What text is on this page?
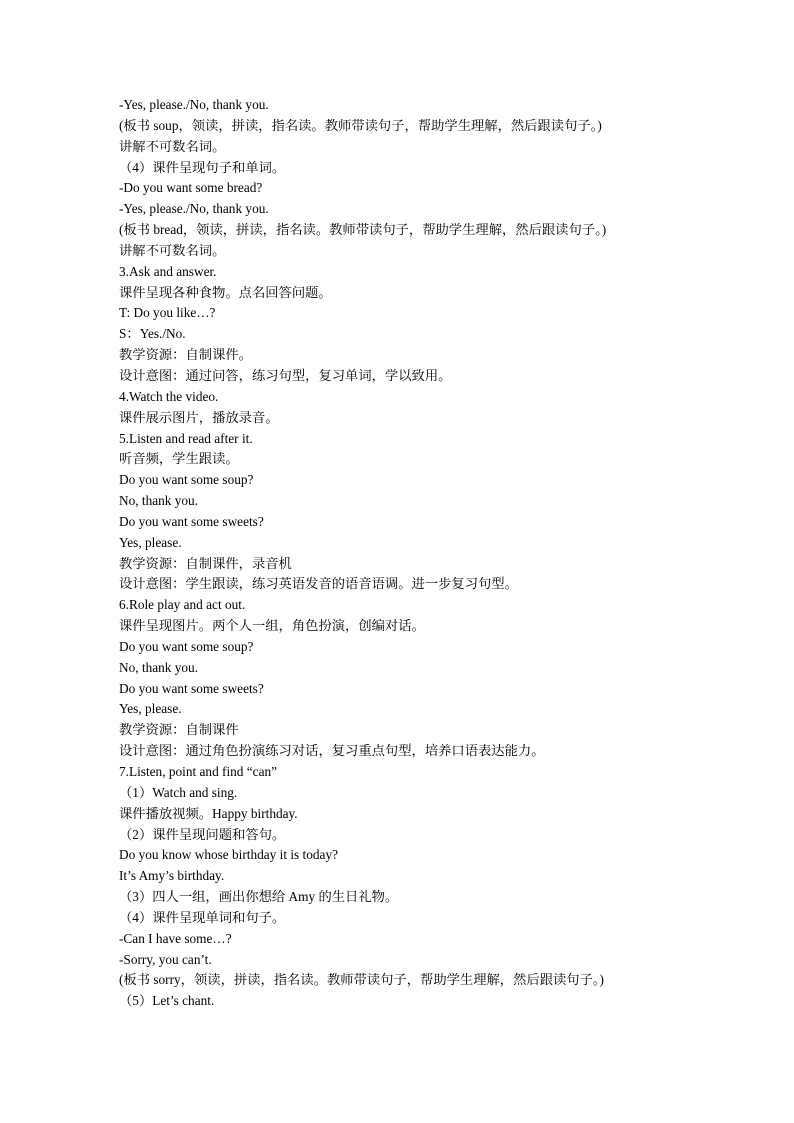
-Yes, please./No, thank you.
(板书 soup，领读，拼读，指名读。教师带读句子，帮助学生理解，然后跟读句子。)
讲解不可数名词。
（4）课件呈现句子和单词。
-Do you want some bread?
-Yes, please./No, thank you.
(板书 bread，领读，拼读，指名读。教师带读句子，帮助学生理解，然后跟读句子。)
讲解不可数名词。
3.Ask and answer.
课件呈现各种食物。点名回答问题。
T: Do you like…?
S：Yes./No.
教学资源：自制课件。
设计意图：通过问答，练习句型，复习单词，学以致用。
4.Watch the video.
课件展示图片，播放录音。
5.Listen and read after it.
听音频，学生跟读。
Do you want some soup?
No, thank you.
Do you want some sweets?
Yes, please.
教学资源：自制课件，录音机
设计意图：学生跟读，练习英语发音的语音语调。进一步复习句型。
6.Role play and act out.
课件呈现图片。两个人一组，角色扮演，创编对话。
Do you want some soup?
No, thank you.
Do you want some sweets?
Yes, please.
教学资源：自制课件
设计意图：通过角色扮演练习对话，复习重点句型，培养口语表达能力。
7.Listen, point and find “can”
（1）Watch and sing.
课件播放视频。Happy birthday.
（2）课件呈现问题和答句。
Do you know whose birthday it is today?
It’s Amy’s birthday.
（3）四人一组，画出你想给 Amy 的生日礼物。
（4）课件呈现单词和句子。
-Can I have some…?
-Sorry, you can’t.
(板书 sorry，领读，拼读，指名读。教师带读句子，帮助学生理解，然后跟读句子。)
（5）Let’s chant.
